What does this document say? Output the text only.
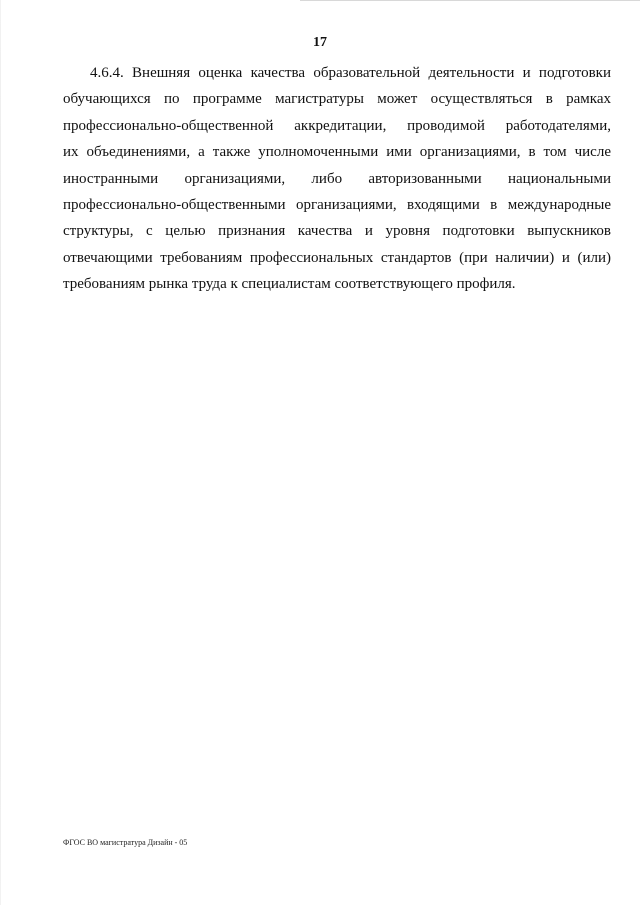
17
4.6.4. Внешняя оценка качества образовательной деятельности и подготовки
обучающихся по программе магистратуры может осуществляться в рамках
профессионально-общественной аккредитации, проводимой работодателями,
их объединениями, а также уполномоченными ими организациями, в том числе
иностранными организациями, либо авторизованными национальными
профессионально-общественными организациями, входящими в международные
структуры, с целью признания качества и уровня подготовки выпускников
отвечающими требованиям профессиональных стандартов (при наличии) и (или)
требованиям рынка труда к специалистам соответствующего профиля.
ФГОС ВО магистратура Дизайн - 05
